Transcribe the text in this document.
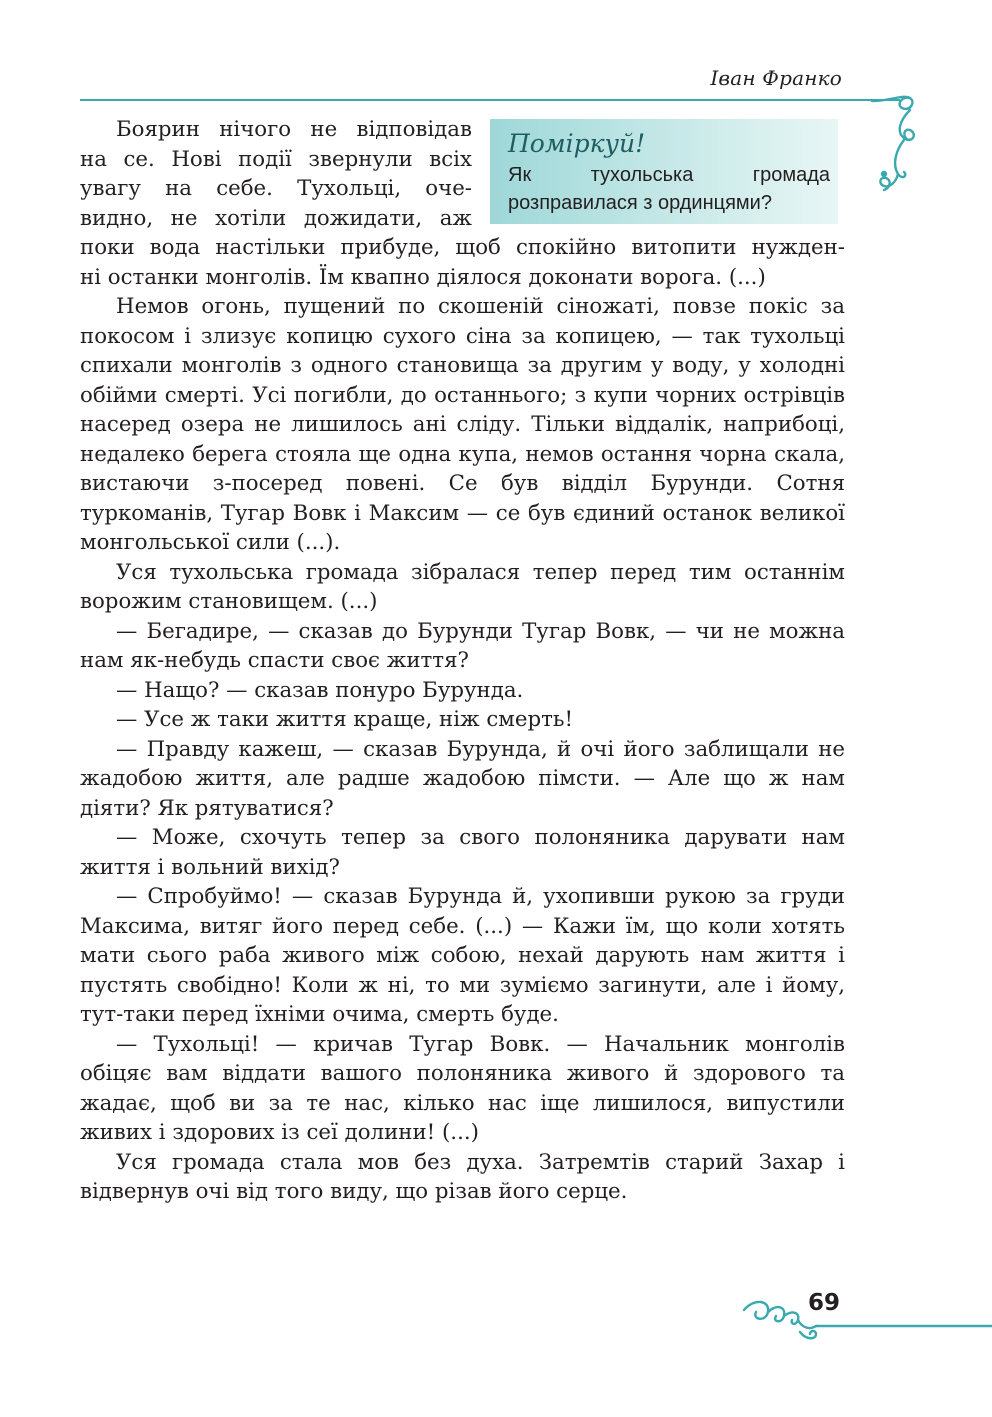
Іван Франко
Поміркуй!
Як тухольська громада розправилася з ординцями?

Боярин нічого не відповідав
на се. Нові події звернули всіх
увагу на себе. Тухольці, оче-
видно, не хотіли дожидати, аж
поки вода настільки прибуде, щоб спокійно витопити нужден-
ні останки монголів. Їм квапно діялося доконати ворога. (...)

Немов огонь, пущений по скошеній сіножаті, повзе покіс за покосом і злизує копицю сухого сіна за копицею, — так тухольці спихали монголів з одного становища за другим у воду, у холодні обійми смерті. Усі погибли, до останнього; з купи чорних острівців насеред озера не лишилось ані сліду. Тільки віддалік, наприбоці, недалеко берега стояла ще одна купа, немов остання чорна скала, вистаючи з-посеред повені. Се був відділ Бурунди. Сотня туркоманів, Тугар Вовк і Максим — се був єдиний останок великої монгольської сили (...).

Уся тухольська громада зібралася тепер перед тим останнім ворожим становищем. (...)

— Бегадире, — сказав до Бурунди Тугар Вовк, — чи не можна нам як-небудь спасти своє життя?

— Нащо? — сказав понуро Бурунда.

— Усе ж таки життя краще, ніж смерть!

— Правду кажеш, — сказав Бурунда, й очі його заблищали не жадобою життя, але радше жадобою пімсти. — Але що ж нам діяти? Як рятуватися?

— Може, схочуть тепер за свого полоняника дарувати нам життя і вольний вихід?

— Спробуймо! — сказав Бурунда й, ухопивши рукою за груди Максима, витяг його перед себе. (...) — Кажи їм, що коли хотять мати сього раба живого між собою, нехай дарують нам життя і пустять свобідно! Коли ж ні, то ми зуміємо загинути, але і йому, тут-таки перед їхніми очима, смерть буде.

— Тухольці! — кричав Тугар Вовк. — Начальник монголів обіцяє вам віддати вашого полоняника живого й здорового та жадає, щоб ви за те нас, кілько нас іще лишилося, випустили живих і здорових із сеї долини! (...)

Уся громада стала мов без духа. Затремтів старий Захар і відвернув очі від того виду, що різав його серце.

69
